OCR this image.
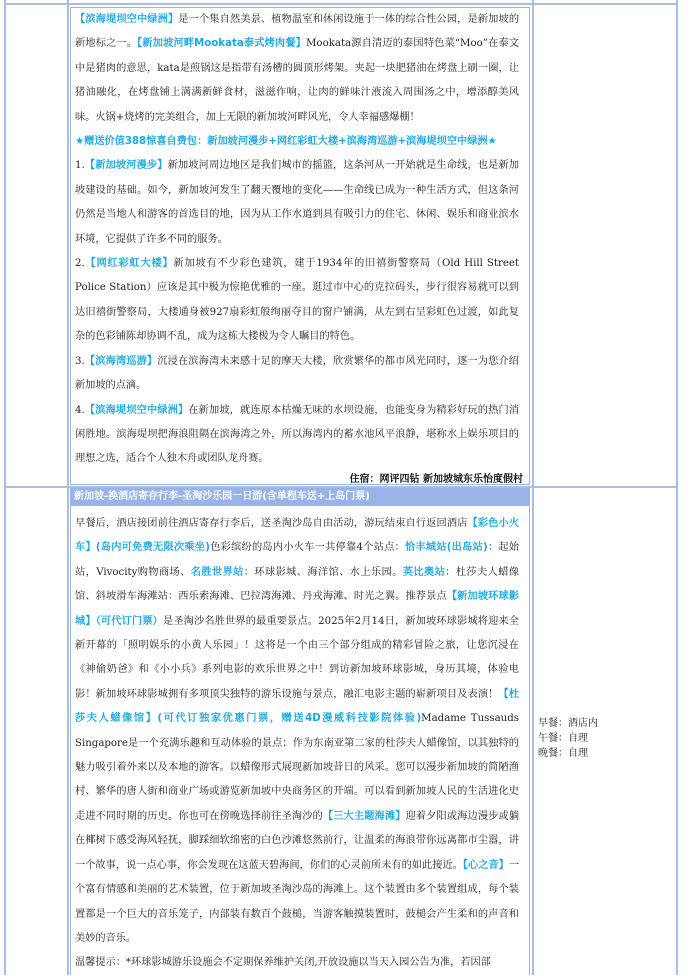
【滨海堤坝空中绿洲】是一个集自然美景、植物温室和休闲设施于一体的综合性公园，是新加坡的新地标之一。【新加坡河畔Mookata泰式烤肉餐】Mookata源自清迈的泰国特色菜“Moo”在泰文中是猪肉的意思，kata是煎锅这是指带有汤槽的圆顶形烤架。夹起一块肥猪油在烤盘上刷一圈，让猪油融化，在烤盘铺上满满新鲜食材，滋滋作响，让肉的鲜味汁液流入周围汤之中，增添醇美风味。火锅+烧烤的完美组合，加上无限的新加坡河畔风光，令人幸福感爆棚！

★赠送价值388惊喜自费包：新加坡河漫步+网红彩虹大楼+滨海湾巡游+滨海堤坝空中绿洲★

1.【新加坡河漫步】新加坡河周边地区是我们城市的摇篮，这条河从一开始就是生命线，也是新加坡建设的基础。如今，新加坡河发生了翻天覆地的变化——生命线已成为一种生活方式，但这条河仍然是当地人和游客的首选目的地，因为从工作水道到具有吸引力的住宅、休闲、娱乐和商业滨水环境，它提供了许多不同的服务。

2.【网红彩虹大楼】新加坡有不少彩色建筑，建于1934年的旧禧街警察局（Old Hill Street Police Station）应该是其中极为惊艳优雅的一座。逛过市中心的克拉码头，步行很容易就可以到达旧禧街警察局，大楼通身被927扇彩虹般绚丽夺目的窗户铺满，从左到右呈彩虹色过渡，如此复杂的色彩铺陈却协调不乱，成为这栋大楼极为令人瞩目的特色。

3.【滨海湾巡游】沉浸在滨海湾未来感十足的摩天大楼，欣赏繁华的都市风光同时，逐一为您介绍新加坡的点滴。

4.【滨海堤坝空中绿洲】在新加坡，就连原本枯燥无味的水坝设施，也能变身为精彩好玩的热门消闲胜地。滨海堤坝把海浪阻隔在滨海湾之外，所以海湾内的蓄水池风平浪静，堪称水上娱乐项目的理想之选，适合个人独木舟或团队龙舟赛。

住宿：网评四钻 新加坡城东乐怡度假村
新加坡-换酒店寄存行李-圣淘沙乐园一日游(含单程车送+上岛门票)

早餐后，酒店接团前往酒店寄存行李后，送圣淘沙岛自由活动，游玩结束自行返回酒店【彩色小火车】(岛内可免费无限次乘坐)色彩缤纷的岛内小火车一共停靠4个站点：恰丰城站(出岛站)：起始站，Vivocity购物商场、名胜世界站：环球影城、海洋馆、水上乐园。英比奥站：杜莎夫人蜡像馆、斜坡滑车海滩站：西乐索海滩、巴拉湾海滩、丹戎海滩、时光之翼。推荐景点【新加坡环球影城】（可代订门票）是圣淘沙名胜世界的最重要景点。2025年2月14日，新加坡环球影城将迎来全新开幕的「照明娱乐的小黄人乐园」！这将是一个由三个部分组成的精彩冒险之旅，让您沉浸在《神偷奶爸》和《小小兵》系列电影的欢乐世界之中！到访新加坡环球影城，身历其境，体验电影！新加坡环球影城拥有多项顶尖独特的游乐设施与景点，融汇电影主题的崭新项目及表演！【杜莎夫人蜡像馆】(可代订独家优惠门票，赠送4D漫威科技影院体验)Madame Tussauds Singapore是一个充满乐趣和互动体验的景点；作为东南亚第二家的杜莎夫人蜡像馆，以其独特的魅力吸引着外来以及本地的游客。以蜡像形式展现新加坡昔日的风采。您可以漫步新加坡的简陋渔村、繁华的唐人街和商业广场或游览新加坡中央商务区的开端。可以看到新加坡人民的生活进化史走进不同时期的历史。你也可在傍晚选择前往圣淘沙的【三大主题海滩】迎着夕阳或海边漫步或躺在椰树下感受海风轻抚，脚踩细软绵密的白色沙滩悠然前行，让温柔的海浪带你远离都市尘嚣，讲一个故事，说一点心事，你会发现在这蓝天碧海间，你们的心灵前所未有的如此接近。【心之音】一个富有情感和美丽的艺术装置，位于新加坡圣淘沙岛的海滩上。这个装置由多个装置组成，每个装置都是一个巨大的音乐笼子，内部装有数百个鼓槌，当游客触摸装置时，鼓槌会产生柔和的声音和美妙的音乐。

温馨提示：*环球影城游乐设施会不定期保养维护关闭,开放设施以当天入园公告为准，若因部

早餐：酒店内
午餐：自理
晚餐：自理
